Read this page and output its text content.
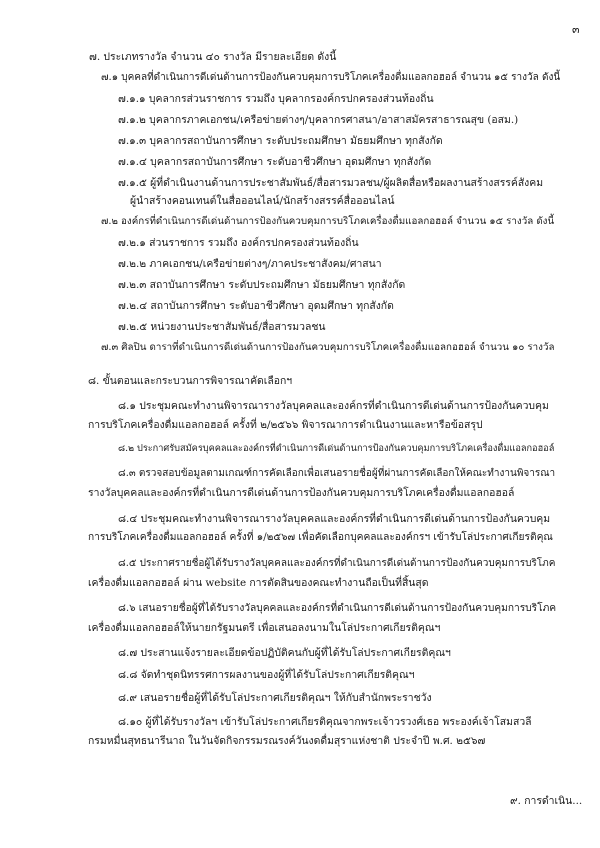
๓
๗. ประเภทรางวัล จำนวน ๔๐ รางวัล มีรายละเอียด ดังนี้
๗.๑ บุคคลที่ดำเนินการดีเด่นด้านการป้องกันควบคุมการบริโภคเครื่องดื่มแอลกอฮอล์ จำนวน ๑๕ รางวัล ดังนี้
๗.๑.๑ บุคลากรส่วนราชการ รวมถึง บุคลากรองค์กรปกครองส่วนท้องถิ่น
๗.๑.๒ บุคลากรภาคเอกชน/เครือข่ายต่างๆ/บุคลากรศาสนา/อาสาสมัครสาธารณสุข (อสม.)
๗.๑.๓ บุคลากรสถาบันการศึกษา ระดับประถมศึกษา มัธยมศึกษา ทุกสังกัด
๗.๑.๔ บุคลากรสถาบันการศึกษา ระดับอาชีวศึกษา อุดมศึกษา ทุกสังกัด
๗.๑.๕ ผู้ที่ดำเนินงานด้านการประชาสัมพันธ์/สื่อสารมวลชน/ผู้ผลิตสื่อหรือผลงานสร้างสรรค์สังคม
ผู้นำสร้างคอนเทนต์ในสื่อออนไลน์/นักสร้างสรรค์สื่อออนไลน์
๗.๒ องค์กรที่ดำเนินการดีเด่นด้านการป้องกันควบคุมการบริโภคเครื่องดื่มแอลกอฮอล์ จำนวน ๑๕ รางวัล ดังนี้
๗.๒.๑ ส่วนราชการ รวมถึง องค์กรปกครองส่วนท้องถิ่น
๗.๒.๒ ภาคเอกชน/เครือข่ายต่างๆ/ภาคประชาสังคม/ศาสนา
๗.๒.๓ สถาบันการศึกษา ระดับประถมศึกษา มัธยมศึกษา ทุกสังกัด
๗.๒.๔ สถาบันการศึกษา ระดับอาชีวศึกษา อุดมศึกษา ทุกสังกัด
๗.๒.๕ หน่วยงานประชาสัมพันธ์/สื่อสารมวลชน
๗.๓ ศิลปิน ดาราที่ดำเนินการดีเด่นด้านการป้องกันควบคุมการบริโภคเครื่องดื่มแอลกอฮอล์ จำนวน ๑๐ รางวัล
๘. ขั้นตอนและกระบวนการพิจารณาคัดเลือกฯ
๘.๑ ประชุมคณะทำงานพิจารณารางวัลบุคคลและองค์กรที่ดำเนินการดีเด่นด้านการป้องกันควบคุม
การบริโภคเครื่องดื่มแอลกอฮอล์ ครั้งที่ ๒/๒๕๖๖ พิจารณาการดำเนินงานและหารือข้อสรุป
๘.๒ ประกาศรับสมัครบุคคลและองค์กรที่ดำเนินการดีเด่นด้านการป้องกันควบคุมการบริโภคเครื่องดื่มแอลกอฮอล์
๘.๓ ตรวจสอบข้อมูลตามเกณฑ์การคัดเลือกเพื่อเสนอรายชื่อผู้ที่ผ่านการคัดเลือกให้คณะทำงานพิจารณา
รางวัลบุคคลและองค์กรที่ดำเนินการดีเด่นด้านการป้องกันควบคุมการบริโภคเครื่องดื่มแอลกอฮอล์
๘.๔ ประชุมคณะทำงานพิจารณารางวัลบุคคลและองค์กรที่ดำเนินการดีเด่นด้านการป้องกันควบคุม
การบริโภคเครื่องดื่มแอลกอฮอล์ ครั้งที่ ๑/๒๕๖๗ เพื่อคัดเลือกบุคคลและองค์กรฯ เข้ารับโล่ประกาศเกียรติคุณ
๘.๕ ประกาศรายชื่อผู้ได้รับรางวัลบุคคลและองค์กรที่ดำเนินการดีเด่นด้านการป้องกันควบคุมการบริโภค
เครื่องดื่มแอลกอฮอล์ ผ่าน website การตัดสินของคณะทำงานถือเป็นที่สิ้นสุด
๘.๖ เสนอรายชื่อผู้ที่ได้รับรางวัลบุคคลและองค์กรที่ดำเนินการดีเด่นด้านการป้องกันควบคุมการบริโภค
เครื่องดื่มแอลกอฮอล์ให้นายกรัฐมนตรี เพื่อเสนอลงนามในโล่ประกาศเกียรติคุณฯ
๘.๗ ประสานแจ้งรายละเอียดข้อปฏิบัติคนกับผู้ที่ได้รับโล่ประกาศเกียรติคุณฯ
๘.๘ จัดทำชุดนิทรรศการผลงานของผู้ที่ได้รับโล่ประกาศเกียรติคุณฯ
๘.๙ เสนอรายชื่อผู้ที่ได้รับโล่ประกาศเกียรติคุณฯ ให้กับสำนักพระราชวัง
๘.๑๐ ผู้ที่ได้รับรางวัลฯ เข้ารับโล่ประกาศเกียรติคุณจากพระเจ้าวรวงศ์เธอ พระองค์เจ้าโสมสวลี
กรมหมื่นสุทธนารีนาถ ในวันจัดกิจกรรมรณรงค์วันงดดื่มสุราแห่งชาติ ประจำปี พ.ศ. ๒๕๖๗
๙. การดำเนิน...
